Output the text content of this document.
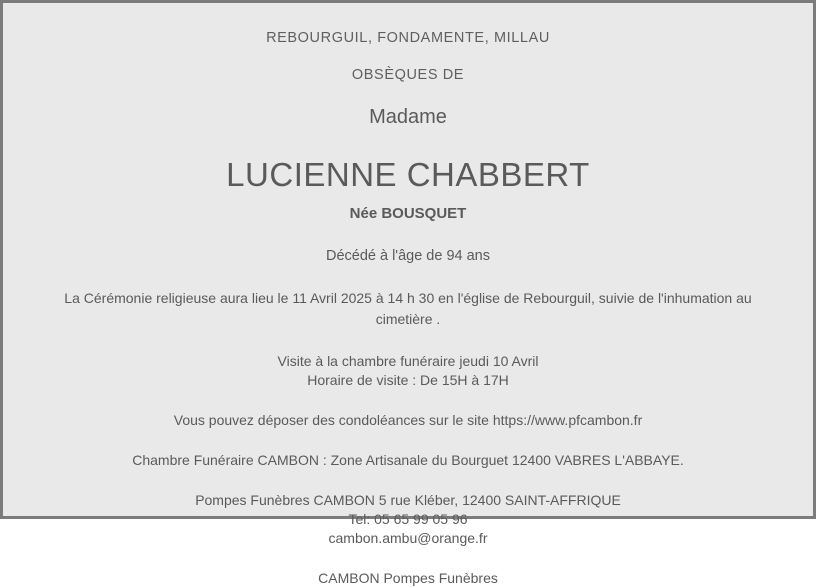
REBOURGUIL, FONDAMENTE, MILLAU
OBSÈQUES DE
Madame
LUCIENNE CHABBERT
Née BOUSQUET
Décédé à l'âge de 94 ans
La Cérémonie religieuse aura lieu le 11 Avril 2025 à 14 h 30 en l'église de Rebourguil, suivie de l'inhumation au cimetière .
Visite à la chambre funéraire jeudi 10 Avril
Horaire de visite : De 15H à 17H
Vous pouvez déposer des condoléances sur le site https://www.pfcambon.fr
Chambre Funéraire CAMBON : Zone Artisanale du Bourguet 12400 VABRES L'ABBAYE.
Pompes Funèbres CAMBON 5 rue Kléber, 12400 SAINT-AFFRIQUE
Tel: 05 65 99 05 96
cambon.ambu@orange.fr
CAMBON Pompes Funèbres
